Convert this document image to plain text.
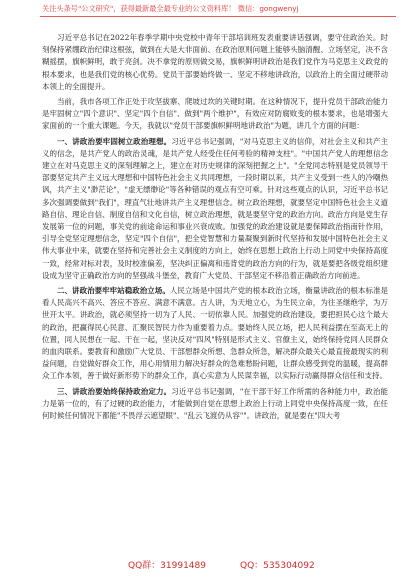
关注头条号"公文研究"，获得最新最全最专业的公文资料库！ 微信：gongwenyj

习近平总书记在2022年春季学期中央党校中青年干部培训班发表重要讲话强调，要守住政治关。时刻保持紧绷政治纪律这根弦，做到在大是大非面前、在政治原则问题上能够头脑清醒、立场坚定，决不含糊摇摆，旗帜鲜明，敢于亮剑。决不拿党的原则做交易，旗帜鲜明讲政治是我们党作为马克思主义政党的根本要求，也是我们党的核心优势。党员干部要始终做一、坚定不移地讲政治，以政治上的全面过硬带动本领上的全面提升。

当前，我市各项工作正处于攻坚拔寨、爬坡过坎的关键时期。在这种情况下，提升党员干部政治能力是牢固树立"四个意识"、坚定"四个自信"、做到"两个维护"，有效应对防腐败变的根本要求，也是增强大家面前的一个重大课题。今天，我就以"党员干部要旗帜鲜明地讲政治"为题，讲几个方面的问题：

一、讲政治要牢固树立政治理想。习近平总书记强调，"对马克思主义的信仰，对社会主义和共产主义的信念，是共产党人的政治灵魂，是共产党人经受住任何考验的精神支柱"。"中国共产党人的理想信念建立在对马克思主义的深刻理解之上，建立在对历史规律的深刻把握之上"。"全党同志特别是党员领导干部要坚定共产主义远大理想和中国特色社会主义共同理想，一段时期以来，共产主义受到一些人的冷嘲热讽，共产主义"渺茫论"，"虚无缥缈论"等各种错误的观点有空可乘。针对这些观点的认识，习近平总书记多次强调要做到"我们"，理直气壮地讲共产主义理想信念。树立政治理想，就要坚定中国特色社会主义道路自信、理论自信、制度自信和文化自信，树立政治理想，就是要坚守党的政治方向。政治方向是党生存发展第一位的问题，事关党的前途命运和事业兴衰成败。加强党的政治建设就是要保障政治指南针作用，引导全党坚定理想信念，坚定"四个自信"，把全党智慧和力量凝聚到新时代坚持和发展中国特色社会主义伟大事业中来，就要在坚持和完善社会主义制度的方向上，始终在思想上政治上行动上同党中央保持高度一致，经常对标对表，及时校准偏差，坚决纠正偏离和违背党的政治方向的行为，就是要把各级党组织建设成为坚守正确政治方向的坚强战斗堡垒，教育广大党员、干部坚定不移沿着正确政治方向前进。

二、讲政治要牢牢站稳政治立场。人民立场是中国共产党的根本政治立场，衡量讲政治的根本标准是看人民高兴不高兴、答应不答应、满意不满意。古人讲，为天地立心，为生民立命，为往圣继绝学，为万世开太平。讲政治，就必须坚持一切为了人民、一切依靠人民。加强党的政治建设，要把担民心这个最大的政治，把赢得民心民意、汇聚民智民力作为重要着力点。要始终人民立场，把人民利益摆在至高无上的位置，同人民想在一起、干在一起，坚决反对"四风"特别是形式主义、官僚主义，始终保持党同人民群众的血肉联系。要教育和激励广大党员、干部想群众所想、急群众所急，解决群众最关心最直接最现实的利益问题，自觉做好群众工作，用心用情用力解决好群众的急难愁盼问题，让群众感受到党的温暖，提高群众工作本领，善于做好新形势下的群众工作，真心实意为人民谋幸福，以实际行动赢得群众信任和支持。

三、讲政治要始终保持政治定力。习近平总书记强调，"在干部干好工作所需的各种能力中，政治能力是第一位的，有了过硬的政治能力，才能做到自觉在思想上政治上行动上同党中央保持高度一致，在任何时候任何情况下都能"不畏浮云遮望眼"、"乱云飞渡仍从容""。讲政治，就是要在"四大考

QQ群：31991489	QQ：535304092
